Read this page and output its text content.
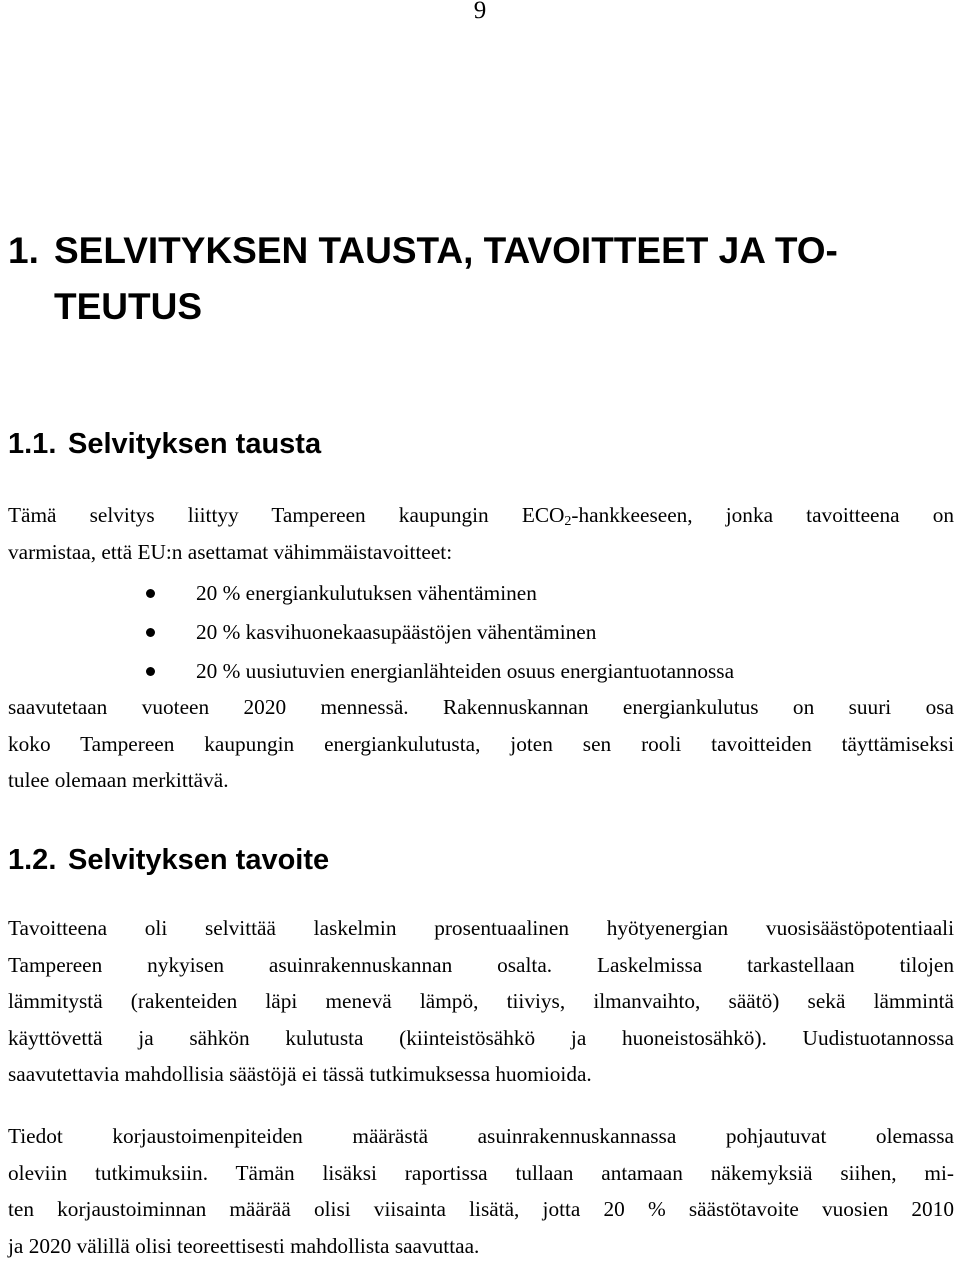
9
1. SELVITYKSEN TAUSTA, TAVOITTEET JA TO-
TEUTUS
1.1. Selvityksen tausta
Tämä selvitys liittyy Tampereen kaupungin $ECO_2$-hankkeeseen, jonka tavoitteena on
varmistaa, että EU:n asettamat vähimmäistavoitteet:
20 % energiankulutuksen vähentäminen
20 % kasvihuonekaasupäästöjen vähentäminen
20 % uusiutuvien energianlähteiden osuus energiantuotannossa
saavutetaan vuoteen 2020 mennessä. Rakennuskannan energiankulutus on suuri osa
koko Tampereen kaupungin energiankulutusta, joten sen rooli tavoitteiden täyttämiseksi
tulee olemaan merkittävä.
1.2. Selvityksen tavoite
Tavoitteena oli selvittää laskelmin prosentuaalinen hyötyenergian vuosisäästöpotentiaali
Tampereen nykyisen asuinrakennuskannan osalta. Laskelmissa tarkastellaan tilojen
lämmitystä (rakenteiden läpi menevä lämpö, tiiviys, ilmanvaihto, säätö) sekä lämmintä
käyttövettä ja sähkön kulutusta (kiinteistösähkö ja huoneistosähkö). Uudistuotannossa
saavutettavia mahdollisia säästöjä ei tässä tutkimuksessa huomioida.
Tiedot korjaustoimenpiteiden määrästä asuinrakennuskannassa pohjautuvat olemassa
oleviin tutkimuksiin. Tämän lisäksi raportissa tullaan antamaan näkemyksiä siihen, mi-
ten korjaustoiminnan määrää olisi viisainta lisätä, jotta 20 % säästötavoite vuosien 2010
ja 2020 välillä olisi teoreettisesti mahdollista saavuttaa.
